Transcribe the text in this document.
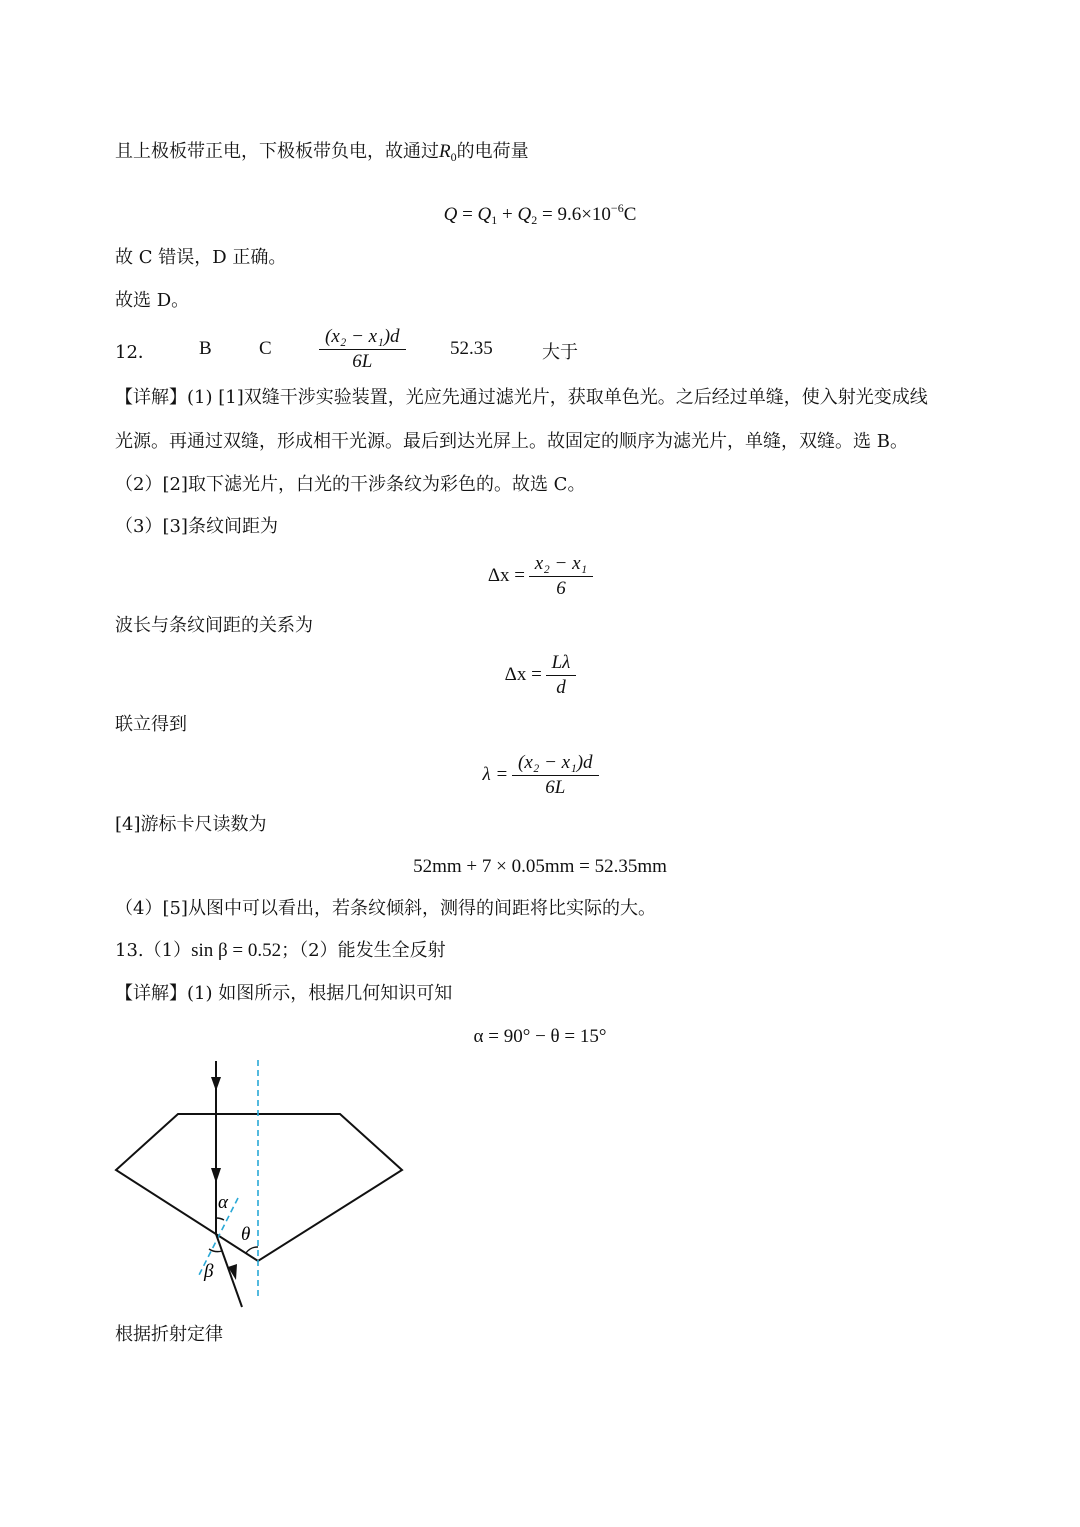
且上极板带正电，下极板带负电，故通过$R_0$的电荷量
$Q = Q_1 + Q_2 = 9.6\times 10^{-6}C$
故 C 错误，D 正确。
故选 D。
12． B C	52.35	大于
$\frac{\text{(x₂ − x₁)d}}{6L}$
【详解】(1) [1]双缝干涉实验装置，光应先通过滤光片，获取单色光。之后经过单缝，使入射光变成线
光源。再通过双缝，形成相干光源。最后到达光屏上。故固定的顺序为滤光片，单缝，双缝。选 B。
（2）[2]取下滤光片，白光的干涉条纹为彩色的。故选 C。
（3）[3]条纹间距为
$\Delta x = \frac{\text{x₂ − x₁}}{6}$
波长与条纹间距的关系为
$\Delta x = \frac{L\lambda}{d}$
联立得到
$\lambda = \frac{\text{(x₂ − x₁)d}}{6L}$
[4]游标卡尺读数为
52mm + 7 × 0.05mm = 52.35mm
（4）[5]从图中可以看出，若条纹倾斜，测得的间距将比实际的大。
13.（1）sin β = 0.52；（2）能发生全反射
【详解】(1) 如图所示，根据几何知识可知
α = 90° − θ = 15°
α
β
θ
根据折射定律
